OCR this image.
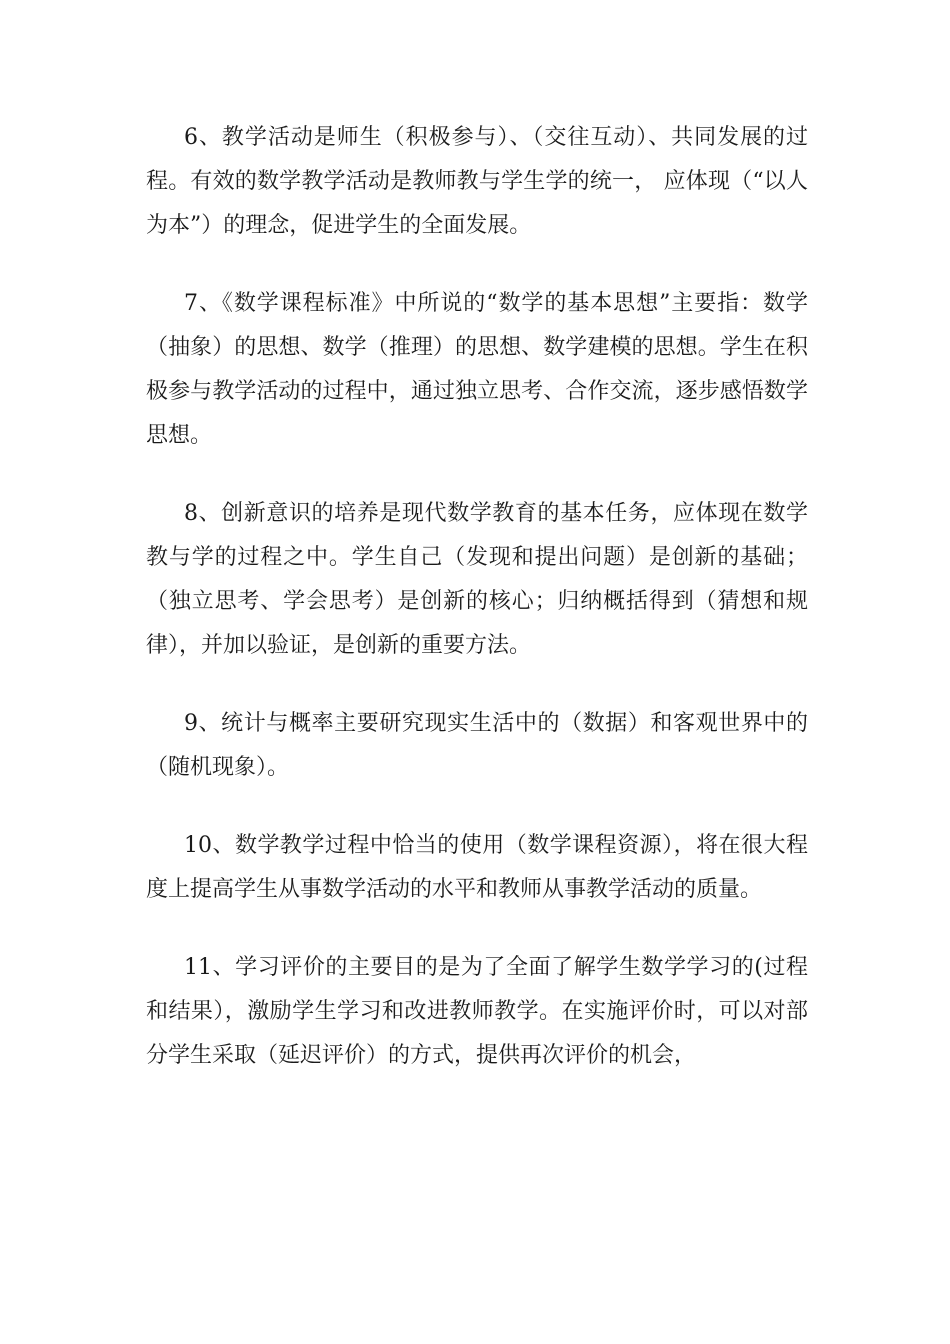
6、教学活动是师生（积极参与）、（交往互动）、共同发展的过程。有效的数学教学活动是教师教与学生学的统一， 应体现（“以人为本”）的理念，促进学生的全面发展。

7、《数学课程标准》中所说的“数学的基本思想”主要指：数学（抽象）的思想、数学（推理）的思想、数学建模的思想。学生在积极参与教学活动的过程中，通过独立思考、合作交流，逐步感悟数学思想。

8、创新意识的培养是现代数学教育的基本任务，应体现在数学教与学的过程之中。学生自己（发现和提出问题）是创新的基础；（独立思考、学会思考）是创新的核心；归纳概括得到（猜想和规律），并加以验证，是创新的重要方法。

9、统计与概率主要研究现实生活中的（数据）和客观世界中的（随机现象）。

10、数学教学过程中恰当的使用（数学课程资源），将在很大程度上提高学生从事数学活动的水平和教师从事教学活动的质量。

11、学习评价的主要目的是为了全面了解学生数学学习的(过程和结果），激励学生学习和改进教师教学。在实施评价时，可以对部分学生采取（延迟评价）的方式，提供再次评价的机会，
